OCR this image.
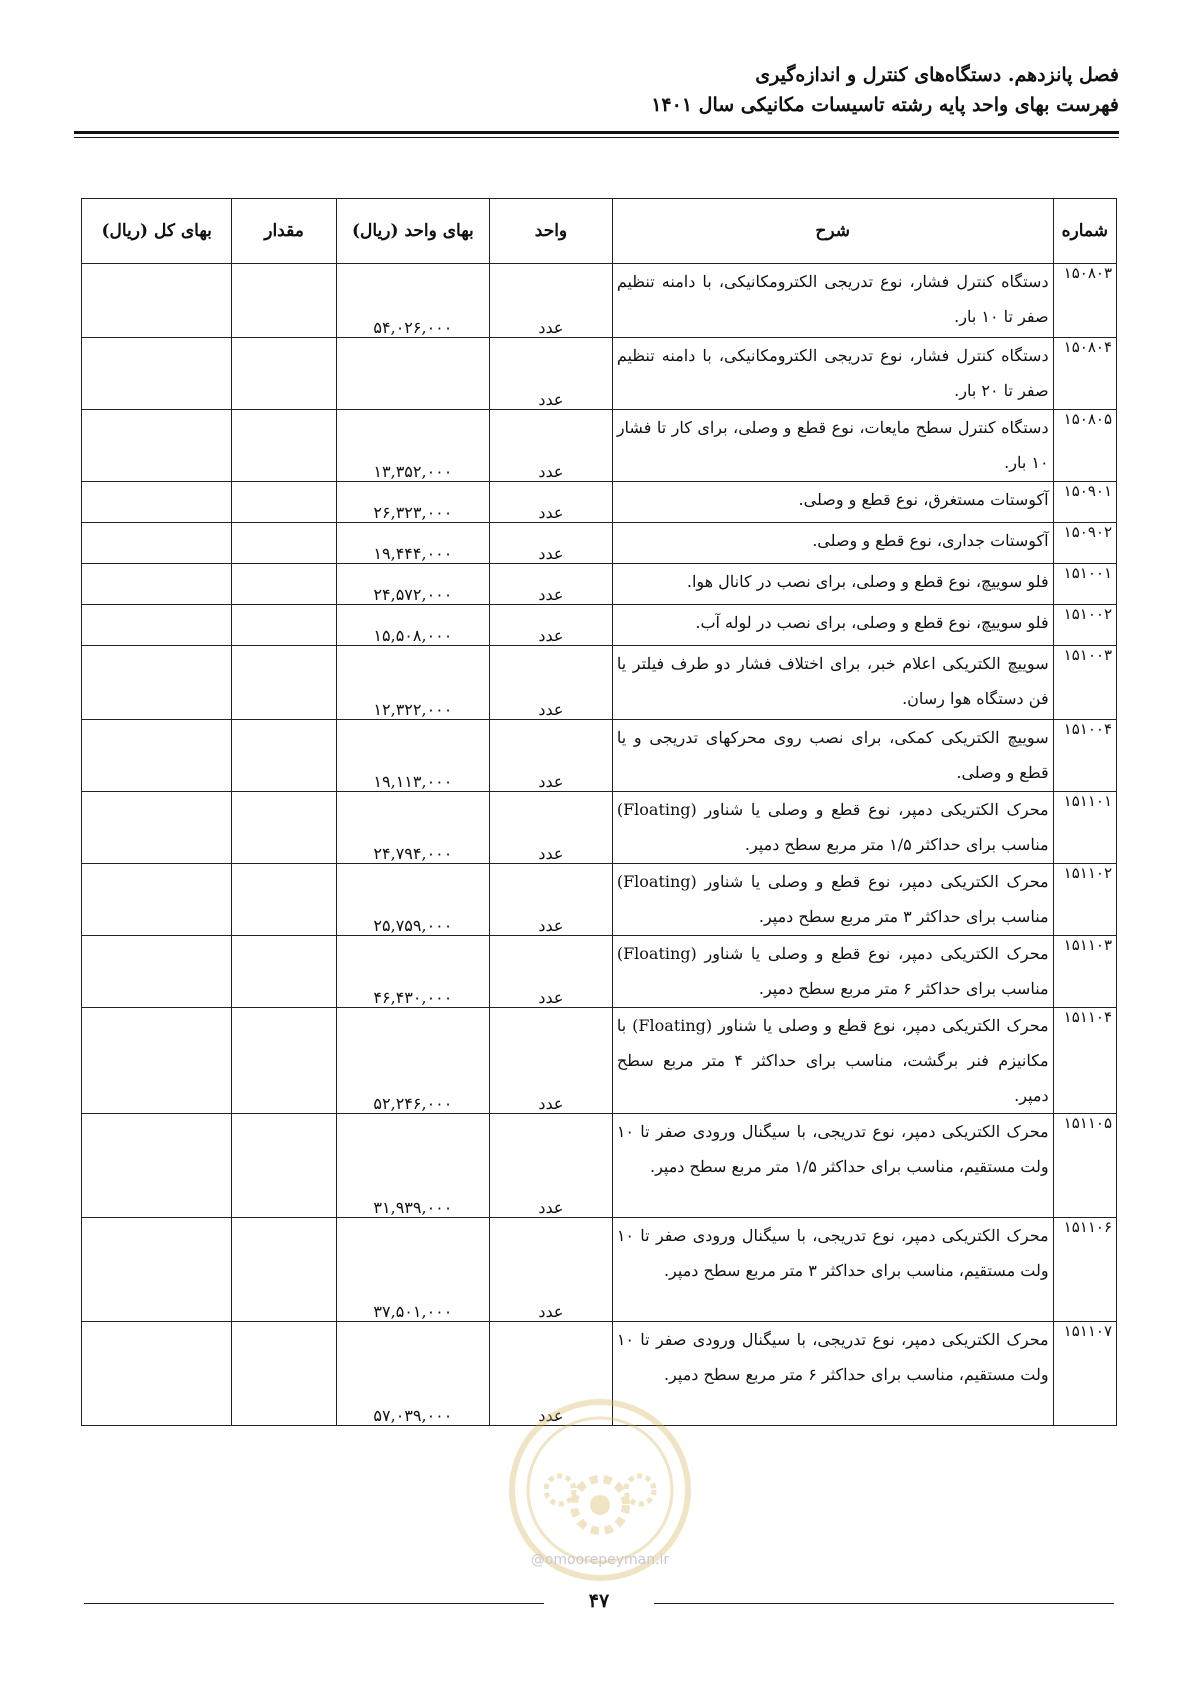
فصل پانزدهم. دستگاه‌های کنترل و اندازه‌گیری
فهرست بهای واحد پایه رشته تاسیسات مکانیکی سال ۱۴۰۱
شماره	شرح	واحد	بهای واحد (ریال)	مقدار	بهای کل (ریال)
۱۵۰۸۰۳	دستگاه کنترل فشار، نوع تدریجی الکترومکانیکی، با دامنه تنظیم صفر تا ۱۰ بار.	عدد	۵۴,۰۲۶,۰۰۰		
۱۵۰۸۰۴	دستگاه کنترل فشار، نوع تدریجی الکترومکانیکی، با دامنه تنظیم صفر تا ۲۰ بار.	عدد			
۱۵۰۸۰۵	دستگاه کنترل سطح مایعات، نوع قطع و وصلی، برای کار تا فشار ۱۰ بار.	عدد	۱۳,۳۵۲,۰۰۰		
۱۵۰۹۰۱	آکوستات مستغرق، نوع قطع و وصلی.	عدد	۲۶,۳۲۳,۰۰۰		
۱۵۰۹۰۲	آکوستات جداری، نوع قطع و وصلی.	عدد	۱۹,۴۴۴,۰۰۰		
۱۵۱۰۰۱	فلو سوییچ، نوع قطع و وصلی، برای نصب در کانال هوا.	عدد	۲۴,۵۷۲,۰۰۰		
۱۵۱۰۰۲	فلو سوییچ، نوع قطع و وصلی، برای نصب در لوله آب.	عدد	۱۵,۵۰۸,۰۰۰		
۱۵۱۰۰۳	سوییچ الکتریکی اعلام خبر، برای اختلاف فشار دو طرف فیلتر یا فن دستگاه هوا رسان.	عدد	۱۲,۳۲۲,۰۰۰		
۱۵۱۰۰۴	سوییچ الکتریکی کمکی، برای نصب روی محرکهای تدریجی و یا قطع و وصلی.	عدد	۱۹,۱۱۳,۰۰۰		
۱۵۱۱۰۱	محرک الکتریکی دمپر، نوع قطع و وصلی یا شناور (Floating) مناسب برای حداکثر ۱/۵ متر مربع سطح دمپر.	عدد	۲۴,۷۹۴,۰۰۰		
۱۵۱۱۰۲	محرک الکتریکی دمپر، نوع قطع و وصلی یا شناور (Floating) مناسب برای حداکثر ۳ متر مربع سطح دمپر.	عدد	۲۵,۷۵۹,۰۰۰		
۱۵۱۱۰۳	محرک الکتریکی دمپر، نوع قطع و وصلی یا شناور (Floating) مناسب برای حداکثر ۶ متر مربع سطح دمپر.	عدد	۴۶,۴۳۰,۰۰۰		
۱۵۱۱۰۴	محرک الکتریکی دمپر، نوع قطع و وصلی یا شناور (Floating) با مکانیزم فنر برگشت، مناسب برای حداکثر ۴ متر مربع سطح دمپر.	عدد	۵۲,۲۴۶,۰۰۰		
۱۵۱۱۰۵	محرک الکتریکی دمپر، نوع تدریجی، با سیگنال ورودی صفر تا ۱۰ ولت مستقیم، مناسب برای حداکثر ۱/۵ متر مربع سطح دمپر.	عدد	۳۱,۹۳۹,۰۰۰		
۱۵۱۱۰۶	محرک الکتریکی دمپر، نوع تدریجی، با سیگنال ورودی صفر تا ۱۰ ولت مستقیم، مناسب برای حداکثر ۳ متر مربع سطح دمپر.	عدد	۳۷,۵۰۱,۰۰۰		
۱۵۱۱۰۷	محرک الکتریکی دمپر، نوع تدریجی، با سیگنال ورودی صفر تا ۱۰ ولت مستقیم، مناسب برای حداکثر ۶ متر مربع سطح دمپر.	عدد	۵۷,۰۳۹,۰۰۰		
@omoorepeyman.ir
۴۷
